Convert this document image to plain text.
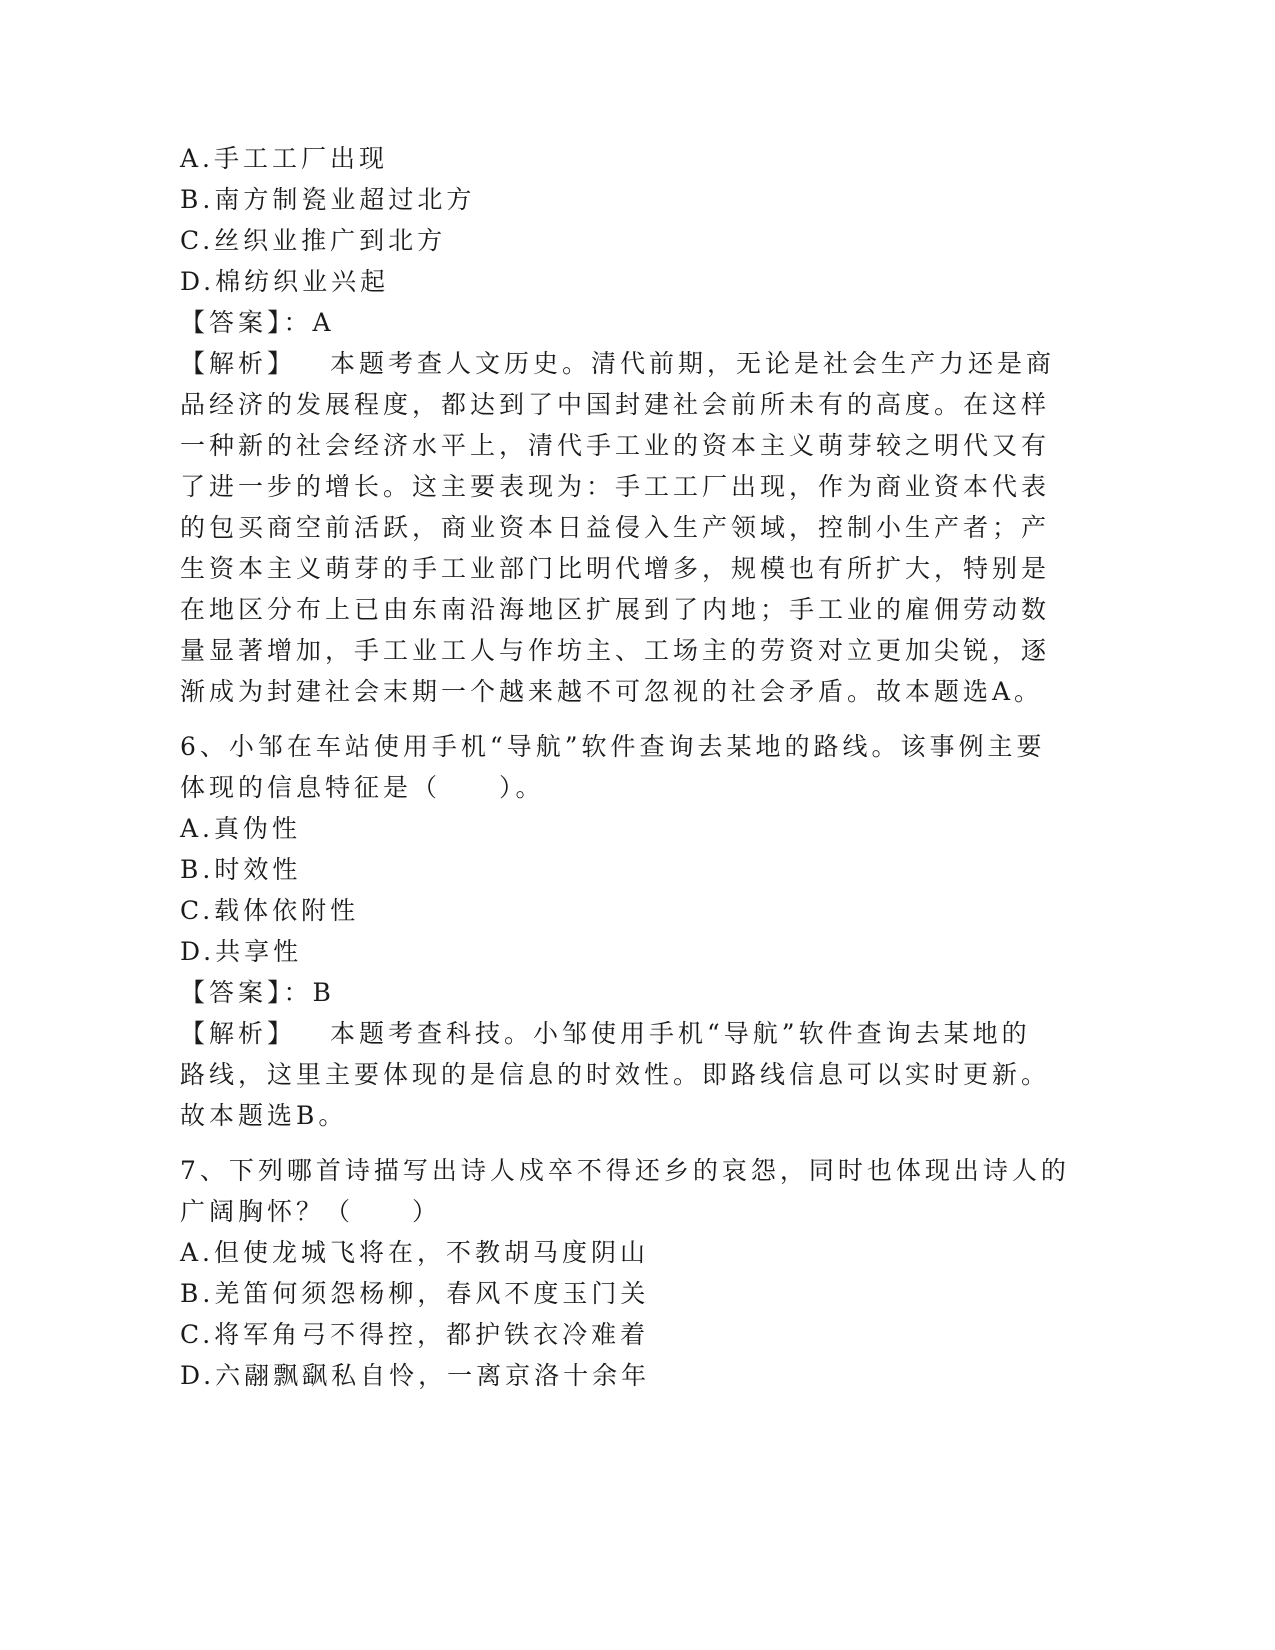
A.手工工厂出现
B.南方制瓷业超过北方
C.丝织业推广到北方
D.棉纺织业兴起
【答案】：A
【解析】 本题考查人文历史。清代前期，无论是社会生产力还是商
品经济的发展程度，都达到了中国封建社会前所未有的高度。在这样
一种新的社会经济水平上，清代手工业的资本主义萌芽较之明代又有
了进一步的增长。这主要表现为：手工工厂出现，作为商业资本代表
的包买商空前活跃，商业资本日益侵入生产领域，控制小生产者；产
生资本主义萌芽的手工业部门比明代增多，规模也有所扩大，特别是
在地区分布上已由东南沿海地区扩展到了内地；手工业的雇佣劳动数
量显著增加，手工业工人与作坊主、工场主的劳资对立更加尖锐，逐
渐成为封建社会末期一个越来越不可忽视的社会矛盾。故本题选A。
6、小邹在车站使用手机“导航”软件查询去某地的路线。该事例主要
体现的信息特征是（　　）。
A.真伪性
B.时效性
C.载体依附性
D.共享性
【答案】：B
【解析】 本题考查科技。小邹使用手机“导航”软件查询去某地的
路线，这里主要体现的是信息的时效性。即路线信息可以实时更新。
故本题选B。
7、下列哪首诗描写出诗人戍卒不得还乡的哀怨，同时也体现出诗人的
广阔胸怀？（　　）
A.但使龙城飞将在，不教胡马度阴山
B.羌笛何须怨杨柳，春风不度玉门关
C.将军角弓不得控，都护铁衣冷难着
D.六翮飘飖私自怜，一离京洛十余年
